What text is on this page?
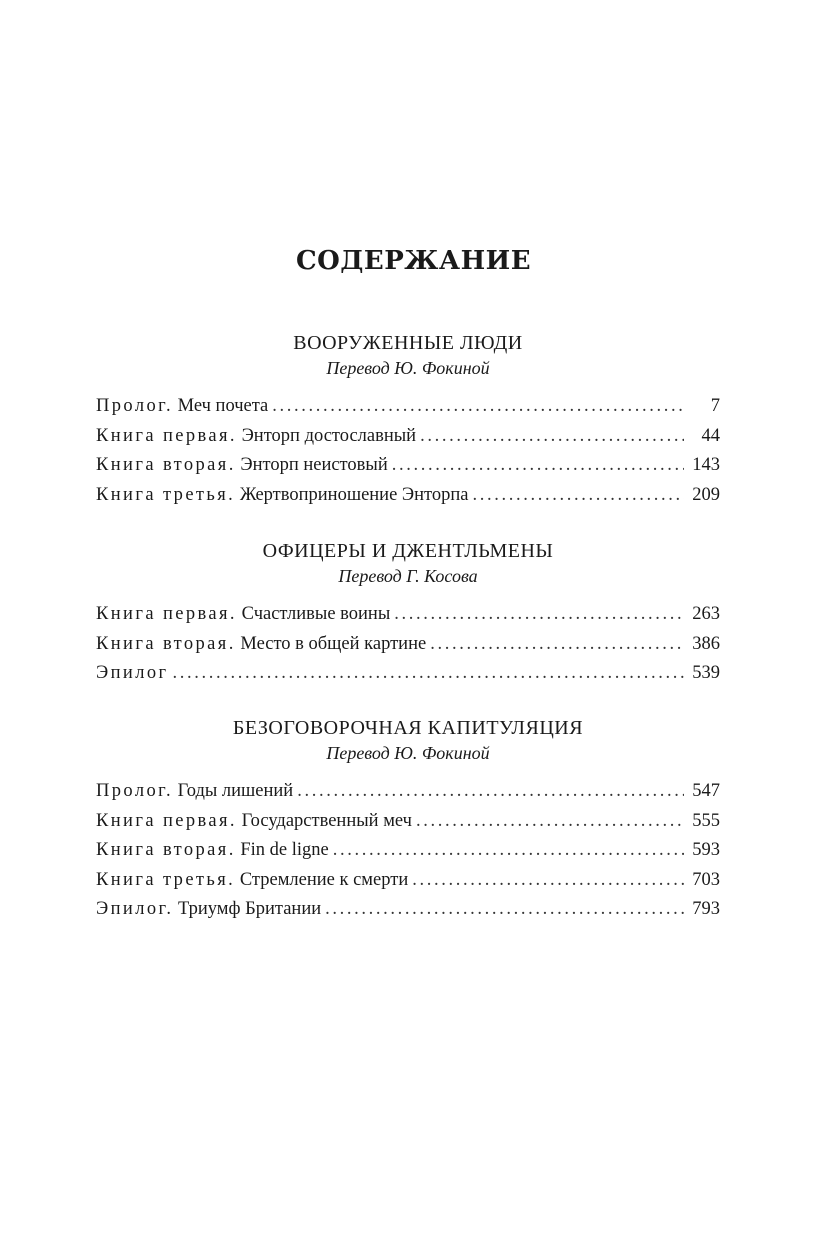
СОДЕРЖАНИЕ
ВООРУЖЕННЫЕ ЛЮДИ
Перевод Ю. Фокиной
Пролог. Меч почета . . .	7
Книга первая. Энторп достославный . . .	44
Книга вторая. Энторп неистовый . . .	143
Книга третья. Жертвоприношение Энторпа . . .	209
ОФИЦЕРЫ И ДЖЕНТЛЬМЕНЫ
Перевод Г. Косова
Книга первая. Счастливые воины . . .	263
Книга вторая. Место в общей картине . . .	386
Эпилог . . .	539
БЕЗОГОВОРОЧНАЯ КАПИТУЛЯЦИЯ
Перевод Ю. Фокиной
Пролог. Годы лишений . . .	547
Книга первая. Государственный меч . . .	555
Книга вторая. Fin de ligne . . .	593
Книга третья. Стремление к смерти . . .	703
Эпилог. Триумф Британии . . .	793
